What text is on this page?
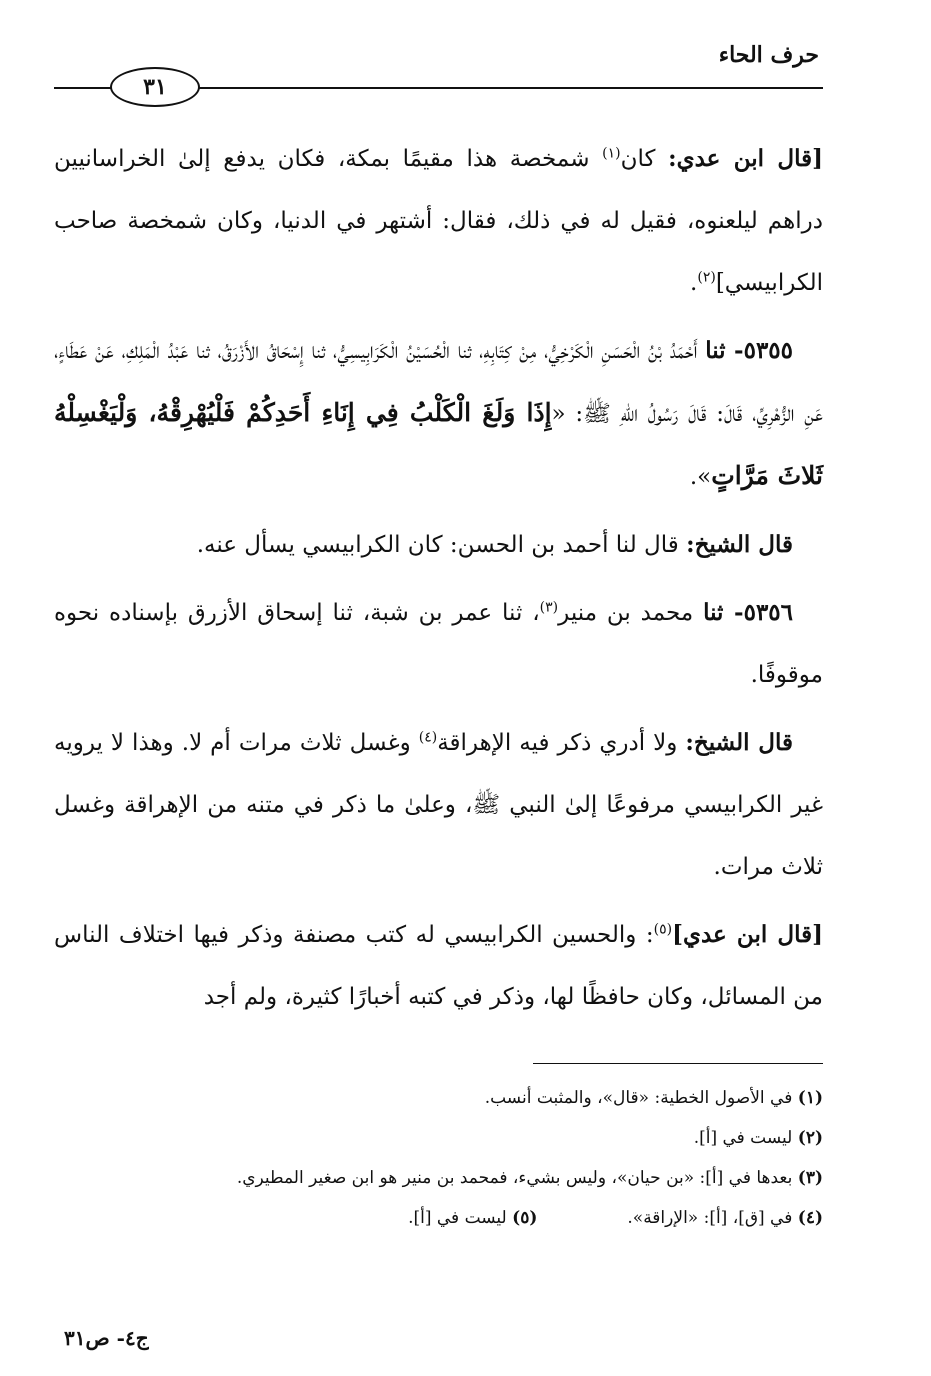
حرف الحاء
٣١

[قال ابن عدي: كان$^{(١)}$ شمخصة هذا مقيمًا بمكة، فكان يدفع إلىٰ الخراسانيين دراهم ليلعنوه، فقيل له في ذلك، فقال: أشتهر في الدنيا، وكان شمخصة صاحب الكرابيسي]$^{(٢)}$.

٥٣٥٥- ثنا أَحْمَدُ بْنُ الْحَسَنِ الْكَرْخِيُّ، مِنْ كِتَابِهِ، ثنا الْحُسَيْنُ الْكَرَابِيسِيُّ، ثنا إِسْحَاقُ الأَزْرَقُ، ثنا عَبْدُ الْمَلِكِ، عَنْ عَطَاءٍ، عَنِ الزُّهْرِيِّ، قَالَ: قَالَ رَسُولُ اللهِ ﷺ: «إِذَا وَلَغَ الْكَلْبُ فِي إِنَاءِ أَحَدِكُمْ فَلْيُهْرِقْهُ، وَلْيَغْسِلْهُ ثَلاثَ مَرَّاتٍ».

قال الشيخ: قال لنا أحمد بن الحسن: كان الكرابيسي يسأل عنه.

٥٣٥٦- ثنا محمد بن منير$^{(٣)}$، ثنا عمر بن شبة، ثنا إسحاق الأزرق بإسناده نحوه موقوفًا.

قال الشيخ: ولا أدري ذكر فيه الإهراقة$^{(٤)}$ وغسل ثلاث مرات أم لا. وهذا لا يرويه غير الكرابيسي مرفوعًا إلىٰ النبي ﷺ، وعلىٰ ما ذكر في متنه من الإهراقة وغسل ثلاث مرات.

[قال ابن عدي]$^{(٥)}$: والحسين الكرابيسي له كتب مصنفة وذكر فيها اختلاف الناس من المسائل، وكان حافظًا لها، وذكر في كتبه أخبارًا كثيرة، ولم أجد

(١) في الأصول الخطية: «قال»، والمثبت أنسب.

(٢) ليست في [أ].

(٣) بعدها في [أ]: «بن حيان»، وليس بشيء، فمحمد بن منير هو ابن صغير المطيري.

(٤) في [ق]، [أ]: «الإراقة».(٥) ليست في [أ].

ج٤- ص٣١
